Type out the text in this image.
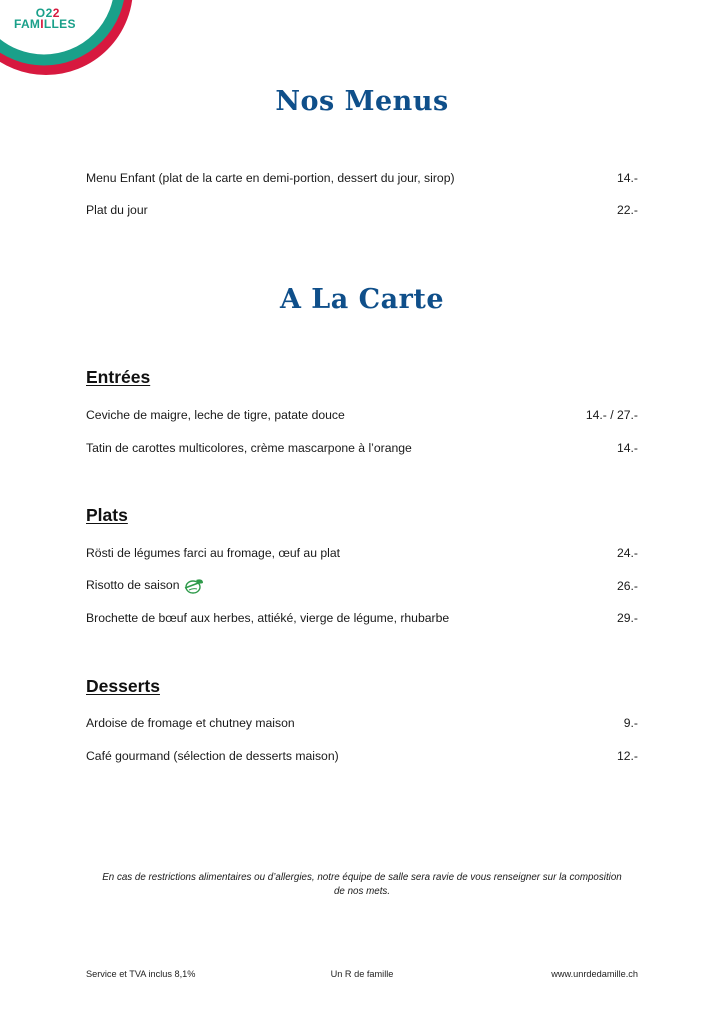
O22
FAMILLES
Nos Menus
Menu Enfant (plat de la carte en demi-portion, dessert du jour, sirop)	14.-
Plat du jour	22.-
A La Carte
Entrées
Ceviche de maigre, leche de tigre, patate douce	14.- / 27.-
Tatin de carottes multicolores, crème mascarpone à l’orange	14.-
Plats
Rösti de légumes farci au fromage, œuf au plat	24.-
Risotto de saison	26.-
Brochette de bœuf aux herbes, attiéké, vierge de légume, rhubarbe	29.-
Desserts
Ardoise de fromage et chutney maison	9.-
Café gourmand (sélection de desserts maison)	12.-
En cas de restrictions alimentaires ou d’allergies, notre équipe de salle sera ravie de vous renseigner sur la composition de nos mets.
Service et TVA inclus 8,1%	Un R de famille	www.unrdedamille.ch
